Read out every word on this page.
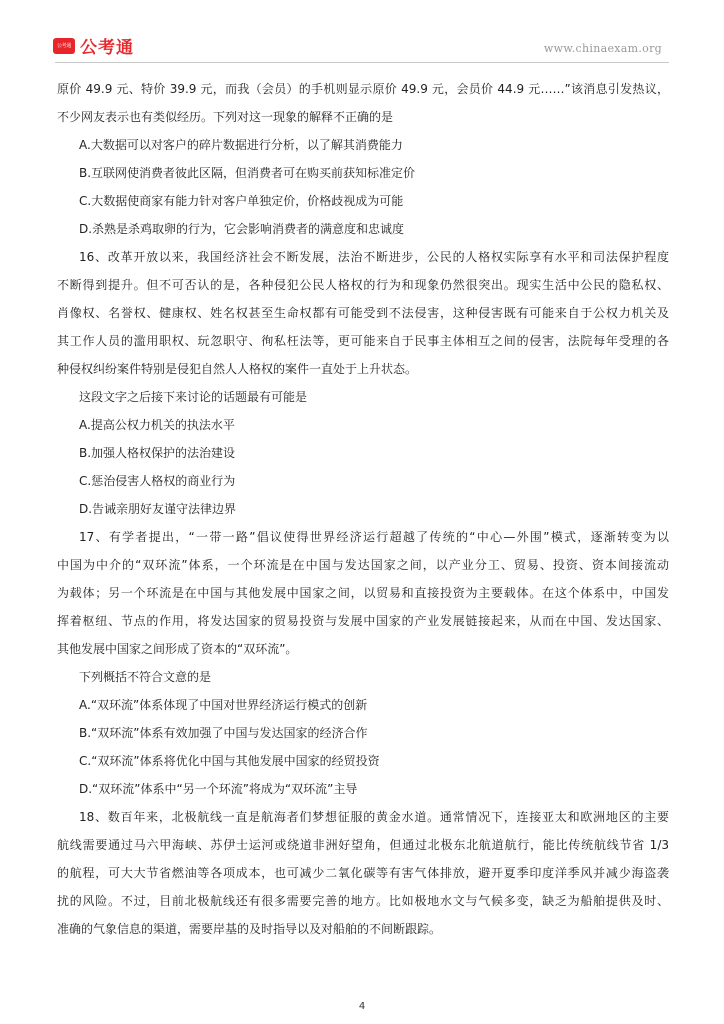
公考通 公考通	www.chinaexam.org
原价 49.9 元、特价 39.9 元，而我（会员）的手机则显示原价 49.9 元，会员价 44.9 元……”该消息引发热议，
不少网友表示也有类似经历。下列对这一现象的解释不正确的是
A.大数据可以对客户的碎片数据进行分析，以了解其消费能力
B.互联网使消费者彼此区隔，但消费者可在购买前获知标准定价
C.大数据使商家有能力针对客户单独定价，价格歧视成为可能
D.杀熟是杀鸡取卵的行为，它会影响消费者的满意度和忠诚度
16、改革开放以来，我国经济社会不断发展，法治不断进步，公民的人格权实际享有水平和司法保护程度
不断得到提升。但不可否认的是，各种侵犯公民人格权的行为和现象仍然很突出。现实生活中公民的隐私权、
肖像权、名誉权、健康权、姓名权甚至生命权都有可能受到不法侵害，这种侵害既有可能来自于公权力机关及
其工作人员的滥用职权、玩忽职守、徇私枉法等，更可能来自于民事主体相互之间的侵害，法院每年受理的各
种侵权纠纷案件特别是侵犯自然人人格权的案件一直处于上升状态。
这段文字之后接下来讨论的话题最有可能是
A.提高公权力机关的执法水平
B.加强人格权保护的法治建设
C.惩治侵害人格权的商业行为
D.告诫亲朋好友谨守法律边界
17、有学者提出，“一带一路”倡议使得世界经济运行超越了传统的“中心—外围”模式，逐渐转变为以
中国为中介的“双环流”体系，一个环流是在中国与发达国家之间，以产业分工、贸易、投资、资本间接流动
为载体；另一个环流是在中国与其他发展中国家之间，以贸易和直接投资为主要载体。在这个体系中，中国发
挥着枢纽、节点的作用，将发达国家的贸易投资与发展中国家的产业发展链接起来，从而在中国、发达国家、
其他发展中国家之间形成了资本的“双环流”。
下列概括不符合文意的是
A.“双环流”体系体现了中国对世界经济运行模式的创新
B.“双环流”体系有效加强了中国与发达国家的经济合作
C.“双环流”体系将优化中国与其他发展中国家的经贸投资
D.“双环流”体系中“另一个环流”将成为“双环流”主导
18、数百年来，北极航线一直是航海者们梦想征服的黄金水道。通常情况下，连接亚太和欧洲地区的主要
航线需要通过马六甲海峡、苏伊士运河或绕道非洲好望角，但通过北极东北航道航行，能比传统航线节省 1/3
的航程，可大大节省燃油等各项成本，也可减少二氧化碳等有害气体排放，避开夏季印度洋季风并减少海盗袭
扰的风险。不过，目前北极航线还有很多需要完善的地方。比如极地水文与气候多变，缺乏为船舶提供及时、
准确的气象信息的渠道，需要岸基的及时指导以及对船舶的不间断跟踪。
4
